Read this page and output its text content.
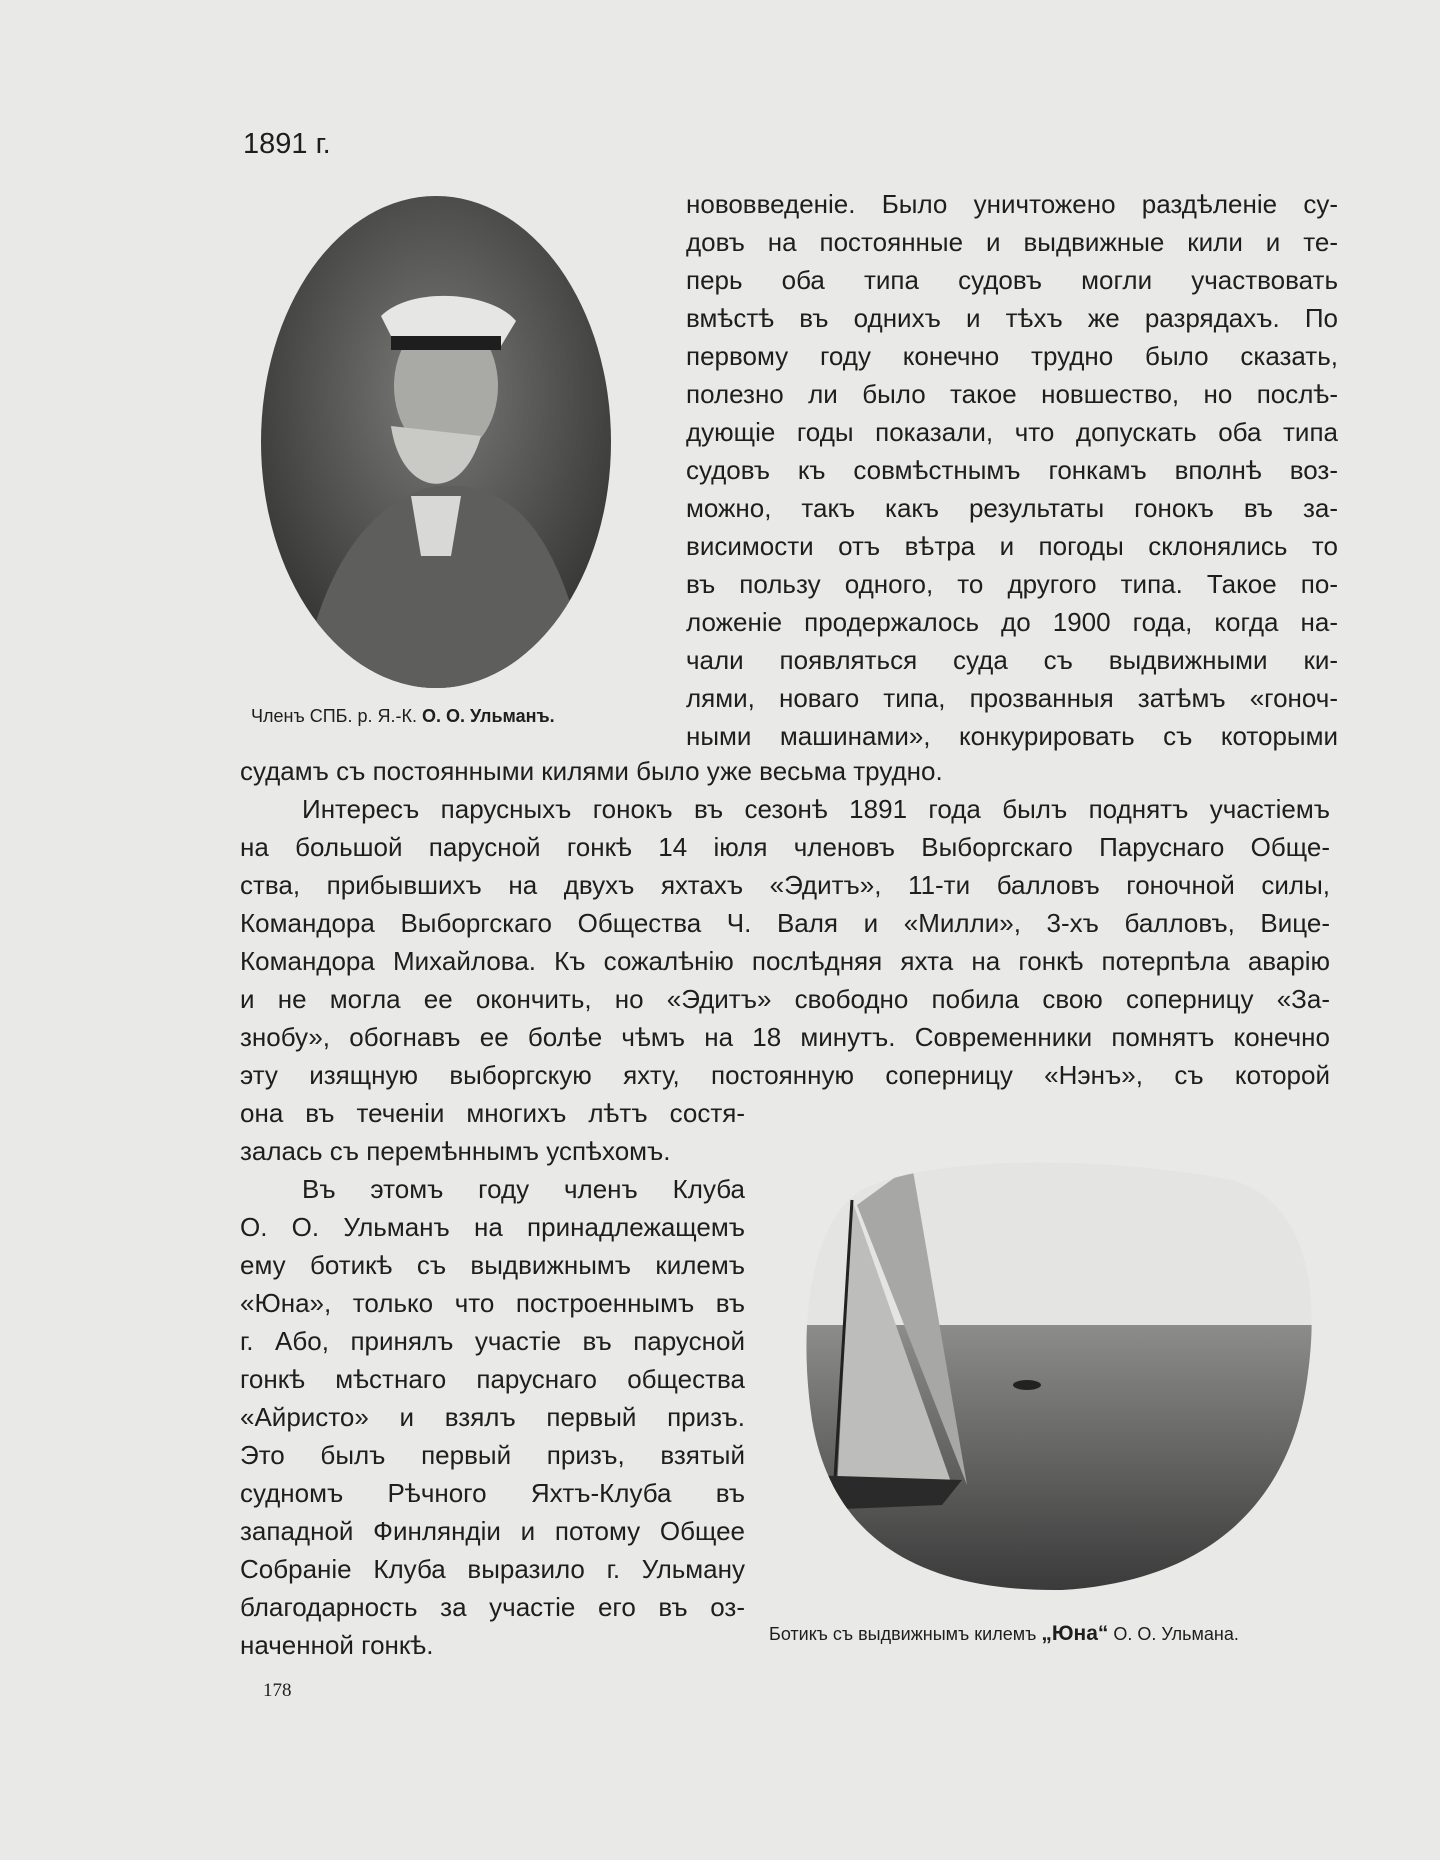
1891 г.
Членъ СПБ. р. Я.-К. О. О. Ульманъ.
нововведеніе. Было уничтожено раздѣленіе су-
довъ на постоянные и выдвижные кили и те-
перь оба типа судовъ могли участвовать
вмѣстѣ въ однихъ и тѣхъ же разрядахъ. По
первому году конечно трудно было сказать,
полезно ли было такое новшество, но послѣ-
дующіе годы показали, что допускать оба типа
судовъ къ совмѣстнымъ гонкамъ вполнѣ воз-
можно, такъ какъ результаты гонокъ въ за-
висимости отъ вѣтра и погоды склонялись то
въ пользу одного, то другого типа. Такое по-
ложеніе продержалось до 1900 года, когда на-
чали появляться суда съ выдвижными ки-
лями, новаго типа, прозванныя затѣмъ «гоноч-
ными машинами», конкурировать съ которыми
судамъ съ постоянными килями было уже весьма трудно.
Интересъ парусныхъ гонокъ въ сезонѣ 1891 года былъ поднятъ участіемъ
на большой парусной гонкѣ 14 іюля членовъ Выборгскаго Паруснаго Обще-
ства, прибывшихъ на двухъ яхтахъ «Эдитъ», 11-ти балловъ гоночной силы,
Командора Выборгскаго Общества Ч. Валя и «Милли», 3-хъ балловъ, Вице-
Командора Михайлова. Къ сожалѣнію послѣдняя яхта на гонкѣ потерпѣла аварію
и не могла ее окончить, но «Эдитъ» свободно побила свою соперницу «За-
знобу», обогнавъ ее болѣе чѣмъ на 18 минутъ. Современники помнятъ конечно
эту изящную выборгскую яхту, постоянную соперницу «Нэнъ», съ которой
она въ теченіи многихъ лѣтъ состя-
залась съ перемѣннымъ успѣхомъ.
Въ этомъ году членъ Клуба
О. О. Ульманъ на принадлежащемъ
ему ботикѣ съ выдвижнымъ килемъ
«Юна», только что построеннымъ въ
г. Або, принялъ участіе въ парусной
гонкѣ мѣстнаго паруснаго общества
«Айристо» и взялъ первый призъ.
Это былъ первый призъ, взятый
судномъ Рѣчного Яхтъ-Клуба въ
западной Финляндіи и потому Общее
Собраніе Клуба выразило г. Ульману
благодарность за участіе его въ оз-
наченной гонкѣ.	Ботикъ съ выдвижнымъ килемъ „Юна“ О. О. Ульмана.
178
